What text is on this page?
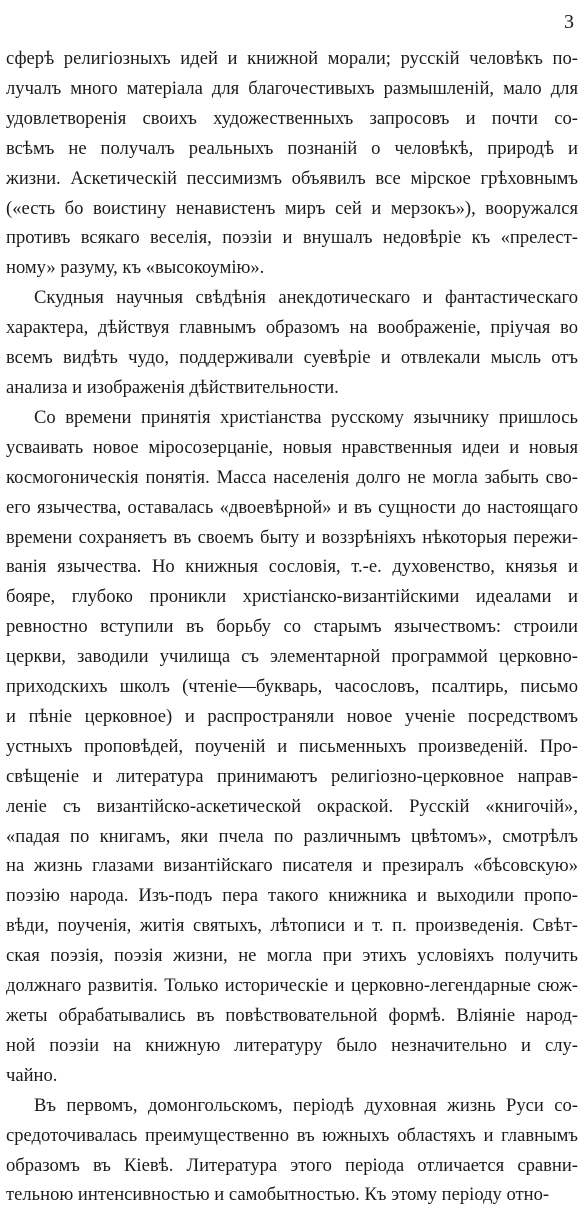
3
сферѣ религіозныхъ идей и книжной морали; русскій человѣкъ по-
лучалъ много матеріала для благочестивыхъ размышленій, мало для
удовлетворенія своихъ художественныхъ запросовъ и почти со-
всѣмъ не получалъ реальныхъ познаній о человѣкѣ, природѣ и
жизни. Аскетическій пессимизмъ объявилъ все мірское грѣховнымъ
(«есть бо воистину ненавистенъ миръ сей и мерзокъ»), вооружался
противъ всякаго веселія, поэзіи и внушалъ недовѣріе къ «прелест-
ному» разуму, къ «высокоумію».
Скудныя научныя свѣдѣнія анекдотическаго и фантастическаго
характера, дѣйствуя главнымъ образомъ на воображеніе, пріучая во
всемъ видѣть чудо, поддерживали суевѣріе и отвлекали мысль отъ
анализа и изображенія дѣйствительности.
Со времени принятія христіанства русскому язычнику пришлось
усваивать новое міросозерцаніе, новыя нравственныя идеи и новыя
космогоническія понятія. Масса населенія долго не могла забыть сво-
его язычества, оставалась «двоевѣрной» и въ сущности до настоящаго
времени сохраняетъ въ своемъ быту и воззрѣніяхъ нѣкоторыя пережи-
ванія язычества. Но книжныя сословія, т.-е. духовенство, князья и
бояре, глубоко проникли христіанско-византійскими идеалами и
ревностно вступили въ борьбу со старымъ язычествомъ: строили
церкви, заводили училища съ элементарной программой церковно-
приходскихъ школъ (чтеніе—букварь, часословъ, псалтирь, письмо
и пѣніе церковное) и распространяли новое ученіе посредствомъ
устныхъ проповѣдей, поученій и письменныхъ произведеній. Про-
свѣщеніе и литература принимаютъ религіозно-церковное направ-
леніе съ византійско-аскетической окраской. Русскій «книгочій»,
«падая по книгамъ, яки пчела по различнымъ цвѣтомъ», смотрѣлъ
на жизнь глазами византійскаго писателя и презиралъ «бѣсовскую»
поэзію народа. Изъ-подъ пера такого книжника и выходили пропо-
вѣди, поученія, житія святыхъ, лѣтописи и т. п. произведенія. Свѣт-
ская поэзія, поэзія жизни, не могла при этихъ условіяхъ получить
должнаго развитія. Только историческіе и церковно-легендарные сюж-
жеты обрабатывались въ повѣствовательной формѣ. Вліяніе народ-
ной поэзіи на книжную литературу было незначительно и слу-
чайно.
Въ первомъ, домонгольскомъ, періодѣ духовная жизнь Руси со-
средоточивалась преимущественно въ южныхъ областяхъ и главнымъ
образомъ въ Кіевѣ. Литература этого періода отличается сравни-
тельною интенсивностью и самобытностью. Къ этому періоду отно-
